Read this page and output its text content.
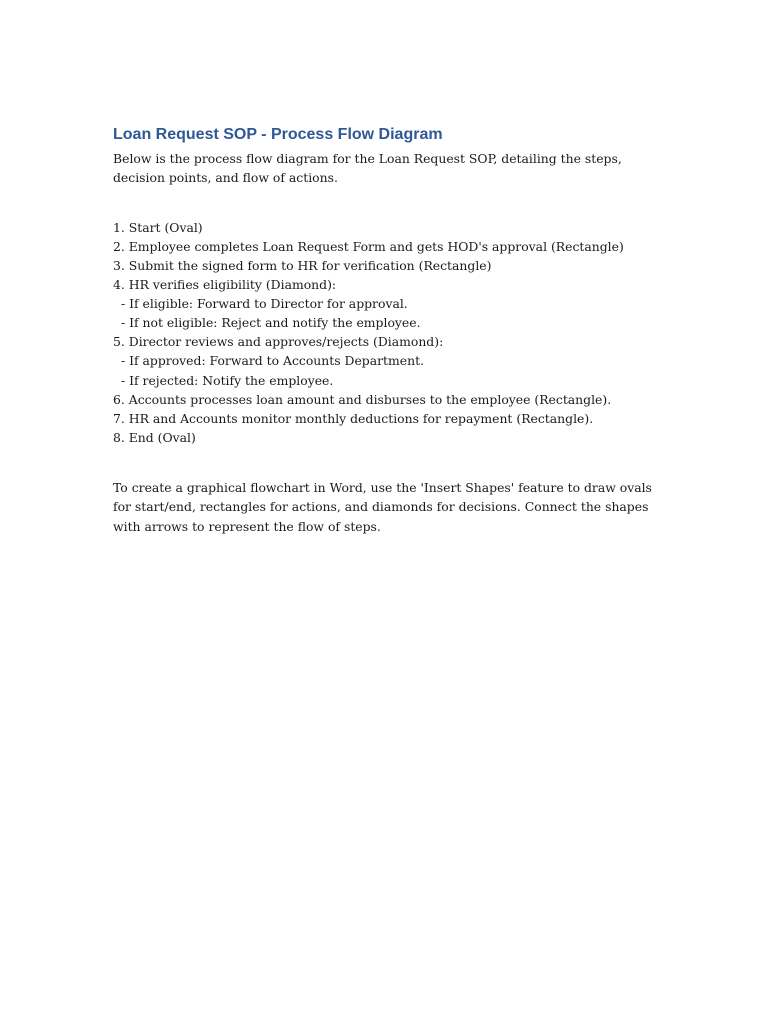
Loan Request SOP - Process Flow Diagram

Below is the process flow diagram for the Loan Request SOP, detailing the steps, decision points, and flow of actions.

1. Start (Oval)
2. Employee completes Loan Request Form and gets HOD's approval (Rectangle)
3. Submit the signed form to HR for verification (Rectangle)
4. HR verifies eligibility (Diamond):
- If eligible: Forward to Director for approval.
- If not eligible: Reject and notify the employee.
5. Director reviews and approves/rejects (Diamond):
- If approved: Forward to Accounts Department.
- If rejected: Notify the employee.
6. Accounts processes loan amount and disburses to the employee (Rectangle).
7. HR and Accounts monitor monthly deductions for repayment (Rectangle).
8. End (Oval)

To create a graphical flowchart in Word, use the 'Insert Shapes' feature to draw ovals for start/end, rectangles for actions, and diamonds for decisions. Connect the shapes with arrows to represent the flow of steps.
